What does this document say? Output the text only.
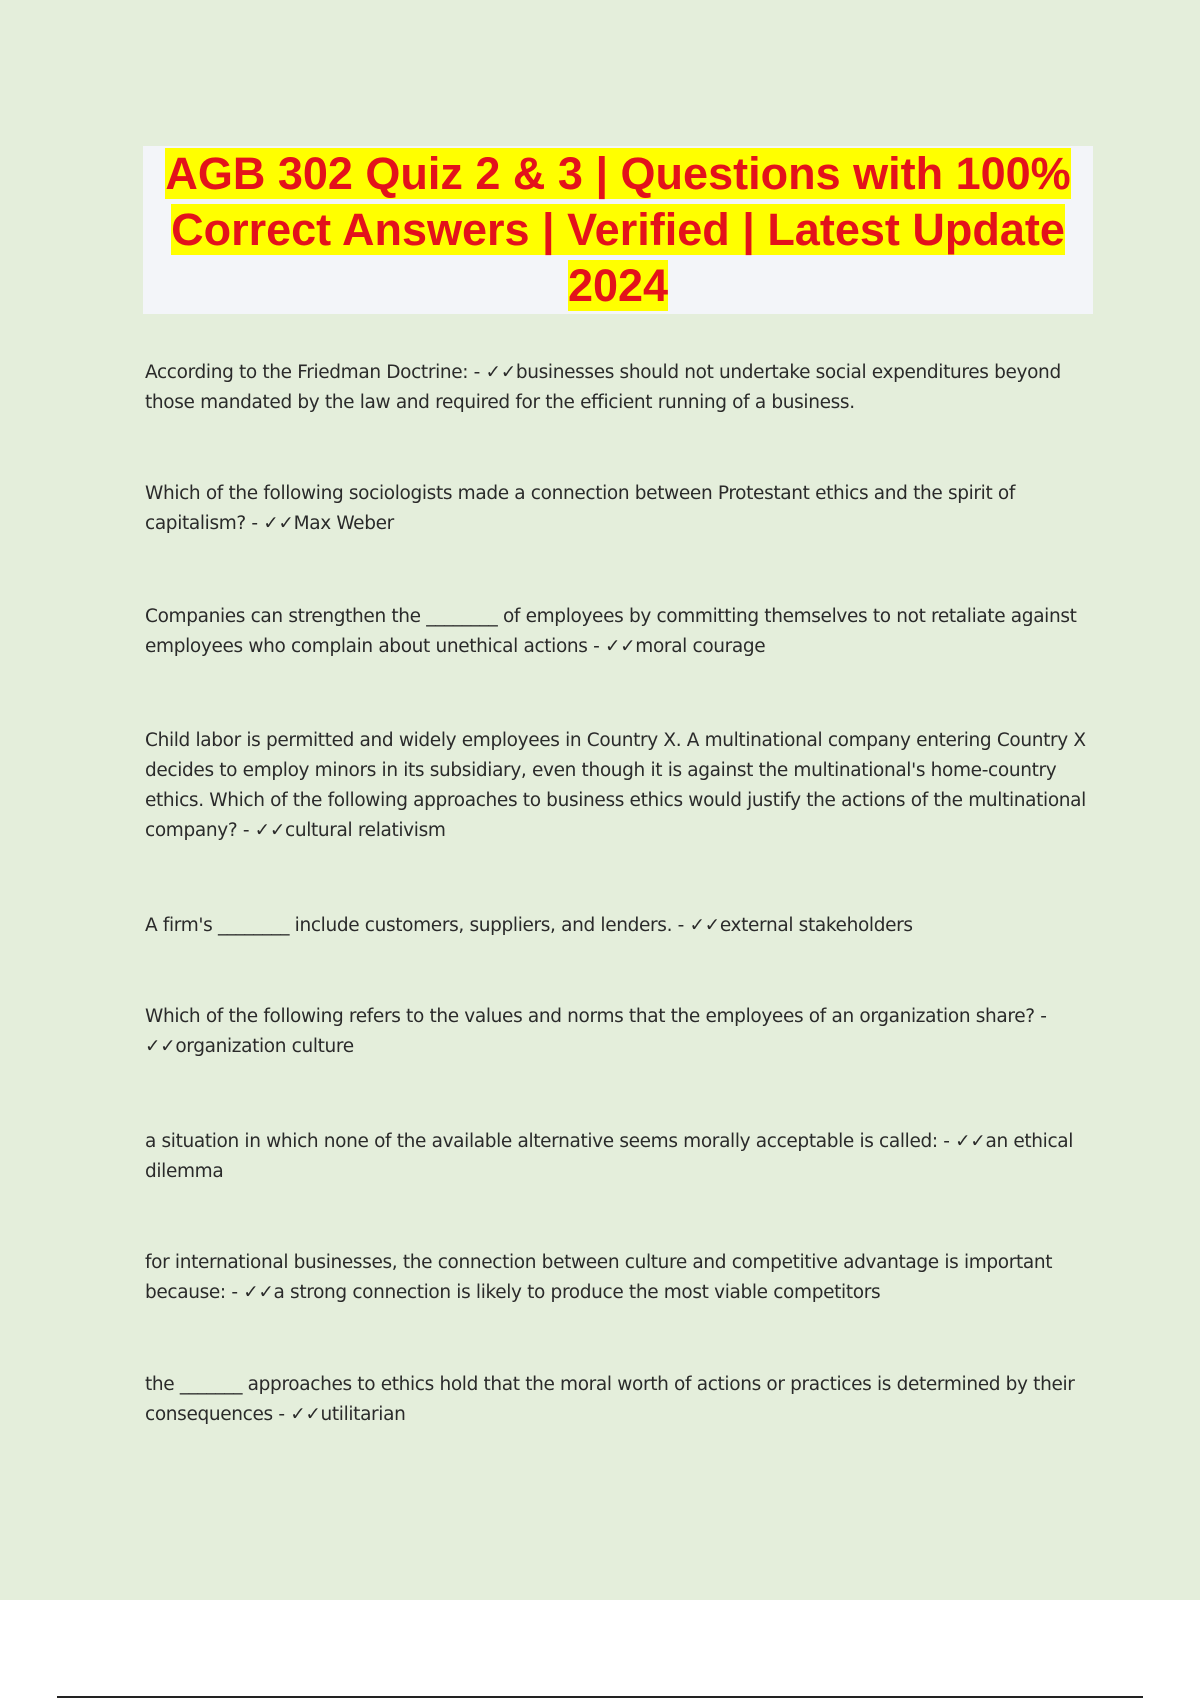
AGB 302 Quiz 2 & 3 | Questions with 100% Correct Answers | Verified | Latest Update 2024

According to the Friedman Doctrine: - ✓✓businesses should not undertake social expenditures beyond those mandated by the law and required for the efficient running of a business.

Which of the following sociologists made a connection between Protestant ethics and the spirit of capitalism? - ✓✓Max Weber

Companies can strengthen the ________ of employees by committing themselves to not retaliate against employees who complain about unethical actions - ✓✓moral courage

Child labor is permitted and widely employees in Country X. A multinational company entering Country X decides to employ minors in its subsidiary, even though it is against the multinational's home-country ethics. Which of the following approaches to business ethics would justify the actions of the multinational company? - ✓✓cultural relativism

A firm's ________ include customers, suppliers, and lenders. - ✓✓external stakeholders

Which of the following refers to the values and norms that the employees of an organization share? - ✓✓organization culture

a situation in which none of the available alternative seems morally acceptable is called: - ✓✓an ethical dilemma

for international businesses, the connection between culture and competitive advantage is important because: - ✓✓a strong connection is likely to produce the most viable competitors

the _______ approaches to ethics hold that the moral worth of actions or practices is determined by their consequences - ✓✓utilitarian
